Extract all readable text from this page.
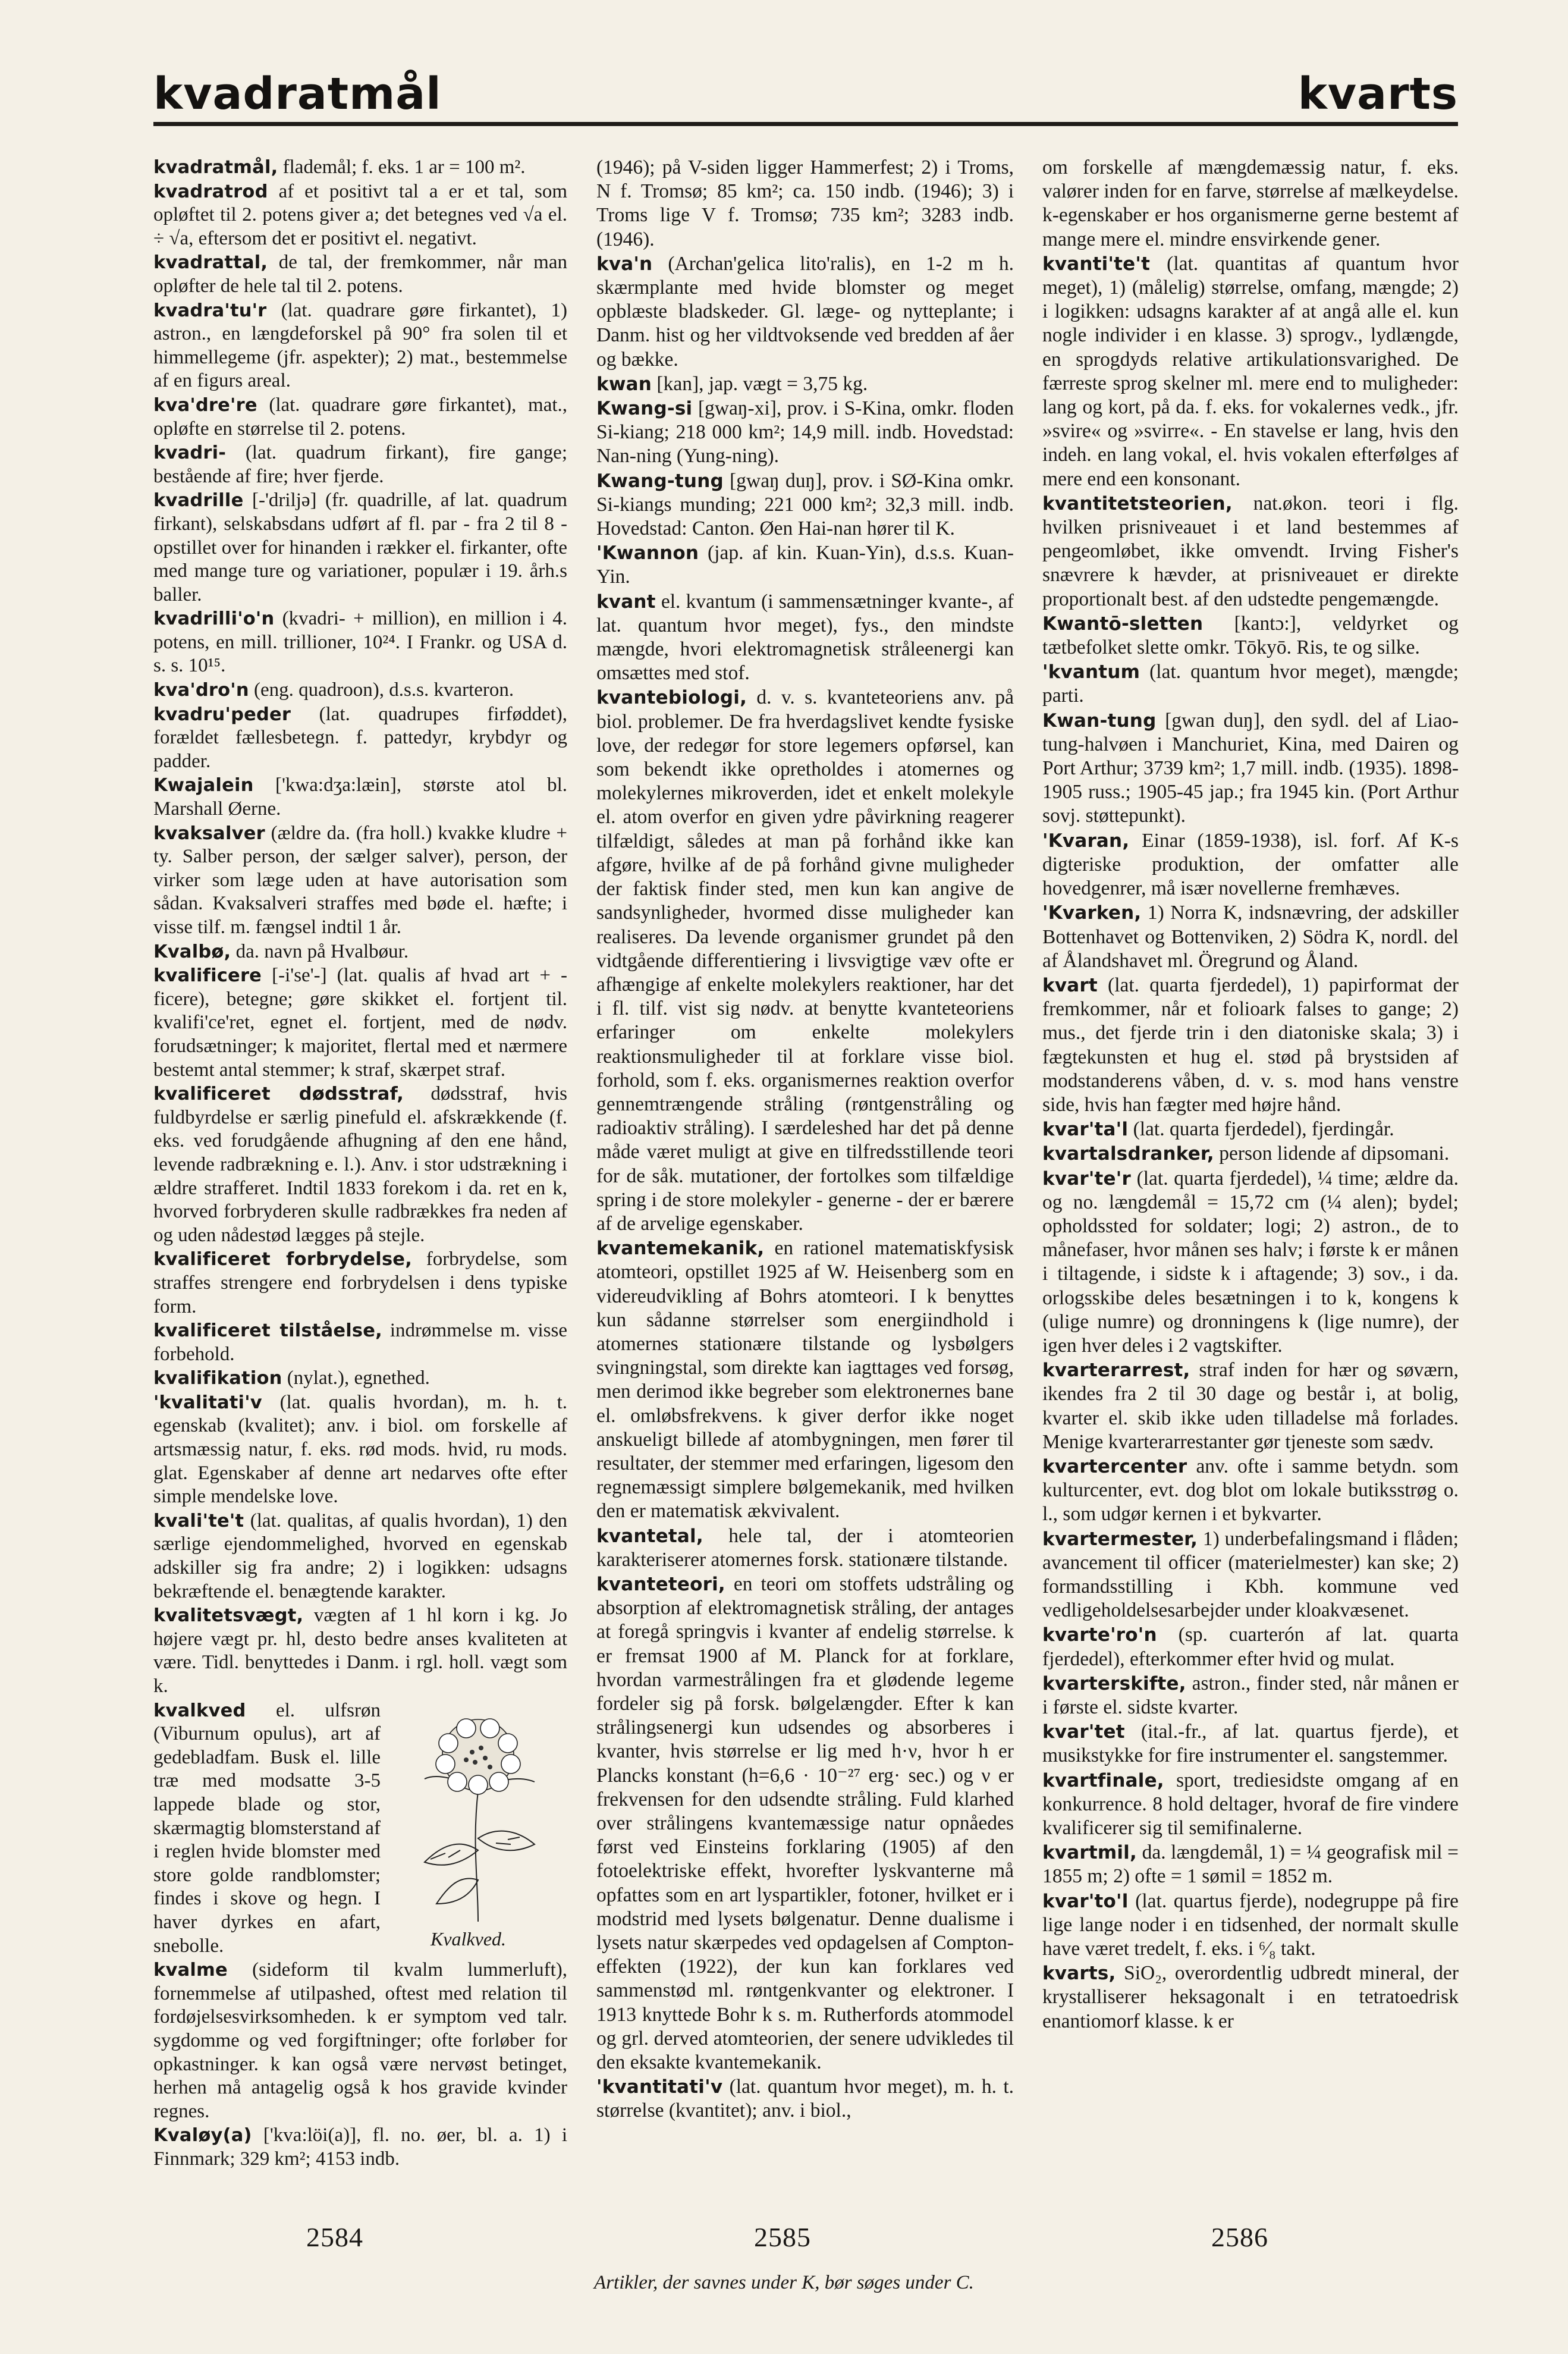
kvadratmål	kvarts

kvadratmål, flademål; f. eks. 1 ar = 100 m².

kvadratrod af et positivt tal a er et tal, som opløftet til 2. potens giver a; det betegnes ved √a el. ÷ √a, eftersom det er positivt el. negativt.

kvadrattal, de tal, der fremkommer, når man opløfter de hele tal til 2. potens.

kvadra'tu'r (lat. quadrare gøre firkantet), 1) astron., en længdeforskel på 90° fra solen til et himmellegeme (jfr. aspekter); 2) mat., bestemmelse af en figurs areal.

kva'dre're (lat. quadrare gøre firkantet), mat., opløfte en størrelse til 2. potens.

kvadri- (lat. quadrum firkant), fire gange; bestående af fire; hver fjerde.

kvadrille [-'driljə] (fr. quadrille, af lat. quadrum firkant), selskabsdans udført af fl. par - fra 2 til 8 - opstillet over for hinanden i rækker el. firkanter, ofte med mange ture og variationer, populær i 19. årh.s baller.

kvadrilli'o'n (kvadri- + million), en million i 4. potens, en mill. trillioner, 10²⁴. I Frankr. og USA d. s. s. 10¹⁵.

kva'dro'n (eng. quadroon), d.s.s. kvarteron.

kvadru'peder (lat. quadrupes firføddet), forældet fællesbetegn. f. pattedyr, krybdyr og padder.

Kwajalein ['kwa:dʒa:læin], største atol bl. Marshall Øerne.

kvaksalver (ældre da. (fra holl.) kvakke kludre + ty. Salber person, der sælger salver), person, der virker som læge uden at have autorisation som sådan. Kvaksalveri straffes med bøde el. hæfte; i visse tilf. m. fængsel indtil 1 år.

Kvalbø, da. navn på Hvalbøur.

kvalificere [-i'se'-] (lat. qualis af hvad art + -ficere), betegne; gøre skikket el. fortjent til. kvalifi'ce'ret, egnet el. fortjent, med de nødv. forudsætninger; k majoritet, flertal med et nærmere bestemt antal stemmer; k straf, skærpet straf.

kvalificeret dødsstraf, dødsstraf, hvis fuldbyrdelse er særlig pinefuld el. afskrækkende (f. eks. ved forudgående afhugning af den ene hånd, levende radbrækning e. l.). Anv. i stor udstrækning i ældre strafferet. Indtil 1833 forekom i da. ret en k, hvorved forbryderen skulle radbrækkes fra neden af og uden nådestød lægges på stejle.

kvalificeret forbrydelse, forbrydelse, som straffes strengere end forbrydelsen i dens typiske form.

kvalificeret tilståelse, indrømmelse m. visse forbehold.

kvalifikation (nylat.), egnethed.

'kvalitati'v (lat. qualis hvordan), m. h. t. egenskab (kvalitet); anv. i biol. om forskelle af artsmæssig natur, f. eks. rød mods. hvid, ru mods. glat. Egenskaber af denne art nedarves ofte efter simple mendelske love.

kvali'te't (lat. qualitas, af qualis hvordan), 1) den særlige ejendommelighed, hvorved en egenskab adskiller sig fra andre; 2) i logikken: udsagns bekræftende el. benægtende karakter.

kvalitetsvægt, vægten af 1 hl korn i kg. Jo højere vægt pr. hl, desto bedre anses kvaliteten at være. Tidl. benyttedes i Danm. i rgl. holl. vægt som k.

Kvalkved.
kvalkved el. ulfsrøn (Viburnum opulus), art af gedebladfam. Busk el. lille træ med modsatte 3-5 lappede blade og stor, skærmagtig blomsterstand af i reglen hvide blomster med store golde randblomster; findes i skove og hegn. I haver dyrkes en afart, snebolle.

kvalme (sideform til kvalm lummerluft), fornemmelse af utilpashed, oftest med relation til fordøjelsesvirksomheden. k er symptom ved talr. sygdomme og ved forgiftninger; ofte forløber for opkastninger. k kan også være nervøst betinget, herhen må antagelig også k hos gravide kvinder regnes.

Kvaløy(a) ['kva:löi(a)], fl. no. øer, bl. a. 1) i Finnmark; 329 km²; 4153 indb.

(1946); på V-siden ligger Hammerfest; 2) i Troms, N f. Tromsø; 85 km²; ca. 150 indb. (1946); 3) i Troms lige V f. Tromsø; 735 km²; 3283 indb. (1946).

kva'n (Archan'gelica lito'ralis), en 1-2 m h. skærmplante med hvide blomster og meget opblæste bladskeder. Gl. læge- og nytteplante; i Danm. hist og her vildtvoksende ved bredden af åer og bække.

kwan [kan], jap. vægt = 3,75 kg.

Kwang-si [gwaŋ-xi], prov. i S-Kina, omkr. floden Si-kiang; 218 000 km²; 14,9 mill. indb. Hovedstad: Nan-ning (Yung-ning).

Kwang-tung [gwaŋ duŋ], prov. i SØ-Kina omkr. Si-kiangs munding; 221 000 km²; 32,3 mill. indb. Hovedstad: Canton. Øen Hai-nan hører til K.

'Kwannon (jap. af kin. Kuan-Yin), d.s.s. Kuan-Yin.

kvant el. kvantum (i sammensætninger kvante-, af lat. quantum hvor meget), fys., den mindste mængde, hvori elektromagnetisk stråleenergi kan omsættes med stof.

kvantebiologi, d. v. s. kvanteteoriens anv. på biol. problemer. De fra hverdagslivet kendte fysiske love, der redegør for store legemers opførsel, kan som bekendt ikke opretholdes i atomernes og molekylernes mikroverden, idet et enkelt molekyle el. atom overfor en given ydre påvirkning reagerer tilfældigt, således at man på forhånd ikke kan afgøre, hvilke af de på forhånd givne muligheder der faktisk finder sted, men kun kan angive de sandsynligheder, hvormed disse muligheder kan realiseres. Da levende organismer grundet på den vidtgående differentiering i livsvigtige væv ofte er afhængige af enkelte molekylers reaktioner, har det i fl. tilf. vist sig nødv. at benytte kvanteteoriens erfaringer om enkelte molekylers reaktionsmuligheder til at forklare visse biol. forhold, som f. eks. organismernes reaktion overfor gennemtrængende stråling (røntgenstråling og radioaktiv stråling). I særdeleshed har det på denne måde været muligt at give en tilfredsstillende teori for de såk. mutationer, der fortolkes som tilfældige spring i de store molekyler - generne - der er bærere af de arvelige egenskaber.

kvantemekanik, en rationel matematiskfysisk atomteori, opstillet 1925 af W. Heisenberg som en videreudvikling af Bohrs atomteori. I k benyttes kun sådanne størrelser som energiindhold i atomernes stationære tilstande og lysbølgers svingningstal, som direkte kan iagttages ved forsøg, men derimod ikke begreber som elektronernes bane el. omløbsfrekvens. k giver derfor ikke noget anskueligt billede af atombygningen, men fører til resultater, der stemmer med erfaringen, ligesom den regnemæssigt simplere bølgemekanik, med hvilken den er matematisk ækvivalent.

kvantetal, hele tal, der i atomteorien karakteriserer atomernes forsk. stationære tilstande.

kvanteteori, en teori om stoffets udstråling og absorption af elektromagnetisk stråling, der antages at foregå springvis i kvanter af endelig størrelse. k er fremsat 1900 af M. Planck for at forklare, hvordan varmestrålingen fra et glødende legeme fordeler sig på forsk. bølgelængder. Efter k kan strålingsenergi kun udsendes og absorberes i kvanter, hvis størrelse er lig med h·ν, hvor h er Plancks konstant (h=6,6 · 10⁻²⁷ erg· sec.) og ν er frekvensen for den udsendte stråling. Fuld klarhed over strålingens kvantemæssige natur opnåedes først ved Einsteins forklaring (1905) af den fotoelektriske effekt, hvorefter lyskvanterne må opfattes som en art lyspartikler, fotoner, hvilket er i modstrid med lysets bølgenatur. Denne dualisme i lysets natur skærpedes ved opdagelsen af Compton-effekten (1922), der kun kan forklares ved sammenstød ml. røntgenkvanter og elektroner. I 1913 knyttede Bohr k s. m. Rutherfords atommodel og grl. derved atomteorien, der senere udvikledes til den eksakte kvantemekanik.

'kvantitati'v (lat. quantum hvor meget), m. h. t. størrelse (kvantitet); anv. i biol.,

om forskelle af mængdemæssig natur, f. eks. valører inden for en farve, størrelse af mælkeydelse. k-egenskaber er hos organismerne gerne bestemt af mange mere el. mindre ensvirkende gener.

kvanti'te't (lat. quantitas af quantum hvor meget), 1) (målelig) størrelse, omfang, mængde; 2) i logikken: udsagns karakter af at angå alle el. kun nogle individer i en klasse. 3) sprogv., lydlængde, en sprogdyds relative artikulationsvarighed. De færreste sprog skelner ml. mere end to muligheder: lang og kort, på da. f. eks. for vokalernes vedk., jfr. »svire« og »svirre«. - En stavelse er lang, hvis den indeh. en lang vokal, el. hvis vokalen efterfølges af mere end een konsonant.

kvantitetsteorien, nat.økon. teori i flg. hvilken prisniveauet i et land bestemmes af pengeomløbet, ikke omvendt. Irving Fisher's snævrere k hævder, at prisniveauet er direkte proportionalt best. af den udstedte pengemængde.

Kwantō-sletten [kantɔ:], veldyrket og tætbefolket slette omkr. Tōkyō. Ris, te og silke.

'kvantum (lat. quantum hvor meget), mængde; parti.

Kwan-tung [gwan duŋ], den sydl. del af Liao-tung-halvøen i Manchuriet, Kina, med Dairen og Port Arthur; 3739 km²; 1,7 mill. indb. (1935). 1898-1905 russ.; 1905-45 jap.; fra 1945 kin. (Port Arthur sovj. støttepunkt).

'Kvaran, Einar (1859-1938), isl. forf. Af K-s digteriske produktion, der omfatter alle hovedgenrer, må især novellerne fremhæves.

'Kvarken, 1) Norra K, indsnævring, der adskiller Bottenhavet og Bottenviken, 2) Södra K, nordl. del af Ålandshavet ml. Öregrund og Åland.

kvart (lat. quarta fjerdedel), 1) papirformat der fremkommer, når et folioark falses to gange; 2) mus., det fjerde trin i den diatoniske skala; 3) i fægtekunsten et hug el. stød på brystsiden af modstanderens våben, d. v. s. mod hans venstre side, hvis han fægter med højre hånd.

kvar'ta'l (lat. quarta fjerdedel), fjerdingår.

kvartalsdranker, person lidende af dipsomani.

kvar'te'r (lat. quarta fjerdedel), ¼ time; ældre da. og no. længdemål = 15,72 cm (¼ alen); bydel; opholdssted for soldater; logi; 2) astron., de to månefaser, hvor månen ses halv; i første k er månen i tiltagende, i sidste k i aftagende; 3) sov., i da. orlogsskibe deles besætningen i to k, kongens k (ulige numre) og dronningens k (lige numre), der igen hver deles i 2 vagtskifter.

kvarterarrest, straf inden for hær og søværn, ikendes fra 2 til 30 dage og består i, at bolig, kvarter el. skib ikke uden tilladelse må forlades. Menige kvarterarrestanter gør tjeneste som sædv.

kvartercenter anv. ofte i samme betydn. som kulturcenter, evt. dog blot om lokale butiksstrøg o. l., som udgør kernen i et bykvarter.

kvartermester, 1) underbefalingsmand i flåden; avancement til officer (materielmester) kan ske; 2) formandsstilling i Kbh. kommune ved vedligeholdelsesarbejder under kloakvæsenet.

kvarte'ro'n (sp. cuarterón af lat. quarta fjerdedel), efterkommer efter hvid og mulat.

kvarterskifte, astron., finder sted, når månen er i første el. sidste kvarter.

kvar'tet (ital.-fr., af lat. quartus fjerde), et musikstykke for fire instrumenter el. sangstemmer.

kvartfinale, sport, trediesidste omgang af en konkurrence. 8 hold deltager, hvoraf de fire vindere kvalificerer sig til semifinalerne.

kvartmil, da. længdemål, 1) = ¼ geografisk mil = 1855 m; 2) ofte = 1 sømil = 1852 m.

kvar'to'l (lat. quartus fjerde), nodegruppe på fire lige lange noder i en tidsenhed, der normalt skulle have været tredelt, f. eks. i ⁶⁄₈ takt.

kvarts, SiO₂, overordentlig udbredt mineral, der krystalliserer heksagonalt i en tetratoedrisk enantiomorf klasse. k er

2584	2585	2586
Artikler, der savnes under K, bør søges under C.
